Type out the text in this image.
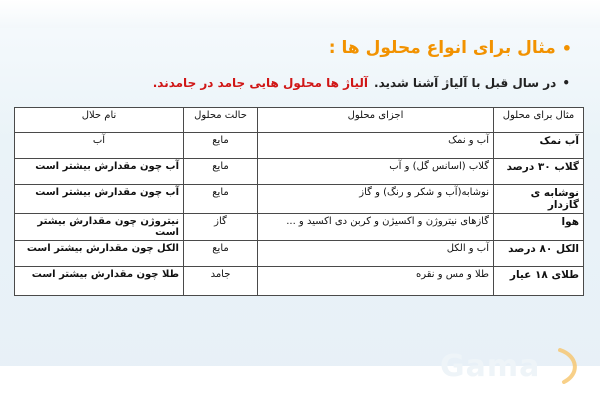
•
مثال برای انواع محلول ها :
•
در سال قبل با آلیاژ آشنا شدید.
آلیاژ ها محلول هایی جامد در جامدند.
مثال برای محلول	اجزای محلول	حالت محلول	نام حلال
آب نمک	آب و نمک	مایع	آب
گلاب ۳۰ درصد	گلاب (اسانس گل) و آب	مایع	آب چون مقدارش بیشتر است
نوشابه ی گازدار	نوشابه(آب و شکر و رنگ) و گاز	مایع	آب چون مقدارش بیشتر است
هوا	گازهای نیتروژن و اکسیژن و کربن دی اکسید و ...	گاز	نیتروژن چون مقدارش بیشتر است
الکل ۸۰ درصد	آب و الکل	مایع	الکل چون مقدارش بیشتر است
طلای ۱۸ عیار	طلا و مس و نقره	جامد	طلا چون مقدارش بیشتر است
Gama
